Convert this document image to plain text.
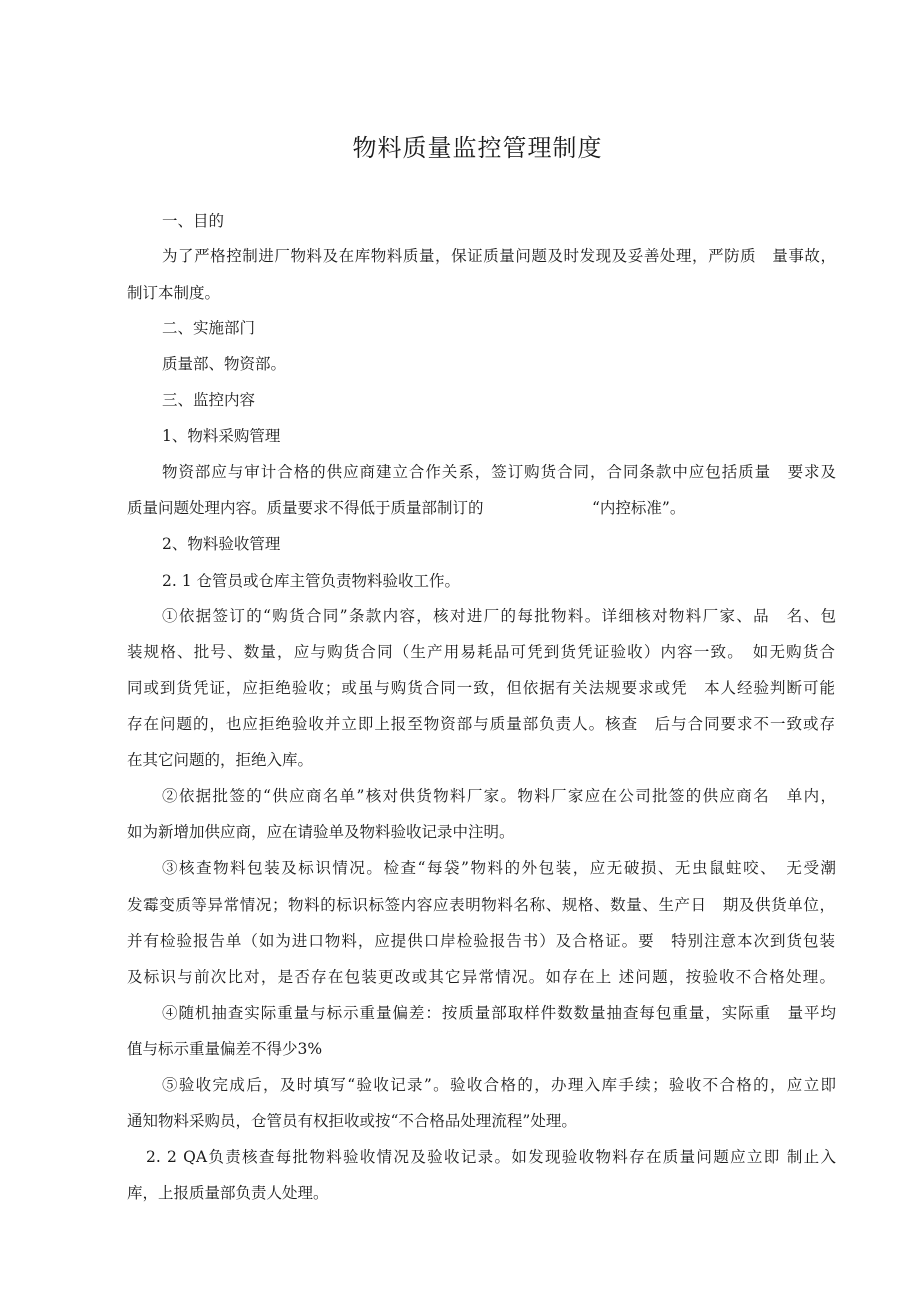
物料质量监控管理制度
一、目的
为了严格控制进厂物料及在库物料质量，保证质量问题及时发现及妥善处理，严防质　量事故，
制订本制度。
二、实施部门
质量部、物资部。
三、监控内容
1、物料采购管理
物资部应与审计合格的供应商建立合作关系，签订购货合同，合同条款中应包括质量　要求及
质量问题处理内容。质量要求不得低于质量部制订的　　　　　　　“内控标准”。
2、物料验收管理
2. 1 仓管员或仓库主管负责物料验收工作。
①依据签订的“购货合同”条款内容，核对进厂的每批物料。详细核对物料厂家、品　名、包
装规格、批号、数量，应与购货合同（生产用易耗品可凭到货凭证验收）内容一致。　如无购货合
同或到货凭证，应拒绝验收；或虽与购货合同一致，但依据有关法规要求或凭　本人经验判断可能
存在问题的，也应拒绝验收并立即上报至物资部与质量部负责人。核查　后与合同要求不一致或存
在其它问题的，拒绝入库。
②依据批签的“供应商名单”核对供货物料厂家。物料厂家应在公司批签的供应商名　单内，
如为新增加供应商，应在请验单及物料验收记录中注明。
③核查物料包装及标识情况。检查“每袋”物料的外包装，应无破损、无虫鼠蛀咬、　无受潮
发霉变质等异常情况；物料的标识标签内容应表明物料名称、规格、数量、生产日　期及供货单位，
并有检验报告单（如为进口物料，应提供口岸检验报告书）及合格证。要　特别注意本次到货包装
及标识与前次比对，是否存在包装更改或其它异常情况。如存在上 述问题，按验收不合格处理。
④随机抽查实际重量与标示重量偏差：按质量部取样件数数量抽查每包重量，实际重　量平均
值与标示重量偏差不得少3%
⑤验收完成后，及时填写“验收记录”。验收合格的，办理入库手续；验收不合格的，应立即
通知物料采购员，仓管员有权拒收或按“不合格品处理流程”处理。
2. 2 QA负责核查每批物料验收情况及验收记录。如发现验收物料存在质量问题应立即 制止入
库，上报质量部负责人处理。
